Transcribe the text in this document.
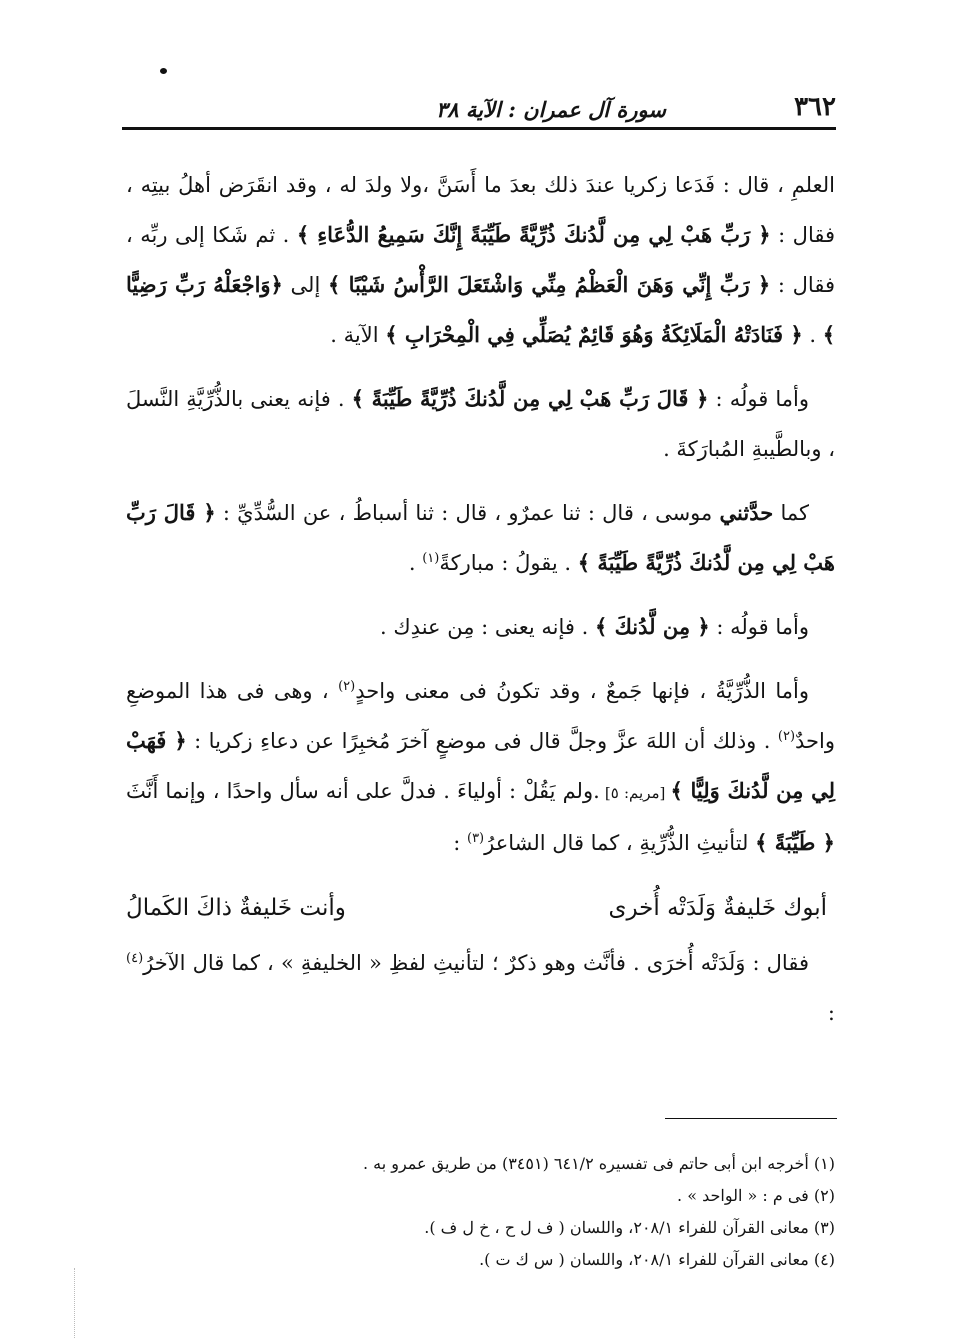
٣٦٢
سورة آل عمران : الآية ٣٨

العلمِ ، قال : فَدَعا زكريا عندَ ذلك بعدَ ما أَسَنَّ ،ولا ولدَ له ، وقد انقَرَض أهلُ بيتِه ، فقال : ﴿ رَبِّ هَبْ لِي مِن لَّدُنكَ ذُرِّيَّةً طَيِّبَةً إِنَّكَ سَمِيعُ الدُّعَاءِ ﴾ . ثم شَكا إلى ربِّه ، فقال : ﴿ رَبِّ إِنِّي وَهَنَ الْعَظْمُ مِنِّي وَاشْتَعَلَ الرَّأْسُ شَيْبًا ﴾ إلى ﴿وَاجْعَلْهُ رَبِّ رَضِيًّا ﴾ . ﴿ فَنَادَتْهُ الْمَلَائِكَةُ وَهُوَ قَائِمٌ يُصَلِّي فِي الْمِحْرَابِ ﴾ الآية .

وأما قولُه : ﴿ قَالَ رَبِّ هَبْ لِي مِن لَّدُنكَ ذُرِّيَّةً طَيِّبَةً ﴾ . فإنه يعنى بالذُّرِّيَّةِ النَّسلَ ، وبالطَّيبةِ المُبارَكةَ .

كما حدَّثني موسى ، قال : ثنا عمرٌو ، قال : ثنا أسباطُ ، عن السُّدِّيِّ : ﴿ قَالَ رَبِّ هَبْ لِي مِن لَّدُنكَ ذُرِّيَّةً طَيِّبَةً ﴾ . يقولُ : مباركةً$^{(١)}$ .

وأما قولُه : ﴿ مِن لَّدُنكَ ﴾ . فإنه يعنى : مِن عندِك .

وأما الذُّرِّيَّةُ ، فإنها جَمعٌ ، وقد تكونُ فى معنى واحدٍ$^{(٢)}$ ، وهى فى هذا الموضعِ واحدٌ$^{(٢)}$ . وذلك أن اللهَ عزَّ وجلَّ قال فى موضعٍ آخرَ مُخبِرًا عن دعاءِ زكريا : ﴿ فَهَبْ لِي مِن لَّدُنكَ وَلِيًّا ﴾ [مريم: ٥] .ولم يَقُلْ : أولياءَ . فدلَّ على أنه سأل واحدًا ، وإنما أَنَّثَ ﴿ طَيِّبَةً ﴾ لتأنيثِ الذُّرِّيةِ ، كما قال الشاعرُ$^{(٣)}$ :

أبوك خَليفةٌ وَلَدَتْه أُخرى
وأنت خَليفةٌ ذاكَ الكَمالُ

فقال : وَلَدَتْه أُخرَى . فأنَّث وهو ذكرٌ ؛ لتأنيثِ لفظِ « الخليفةِ » ، كما قال الآخرُ$^{(٤)}$ :

(١) أخرجه ابن أبى حاتم فى تفسيره ٦٤١/٢ (٣٤٥١) من طريق عمرو به .
(٢) فى م : « الواحد » .
(٣) معانى القرآن للفراء ٢٠٨/١، واللسان ( ف ل ح ، خ ل ف ).
(٤) معانى القرآن للفراء ٢٠٨/١، واللسان ( س ك ت ).
